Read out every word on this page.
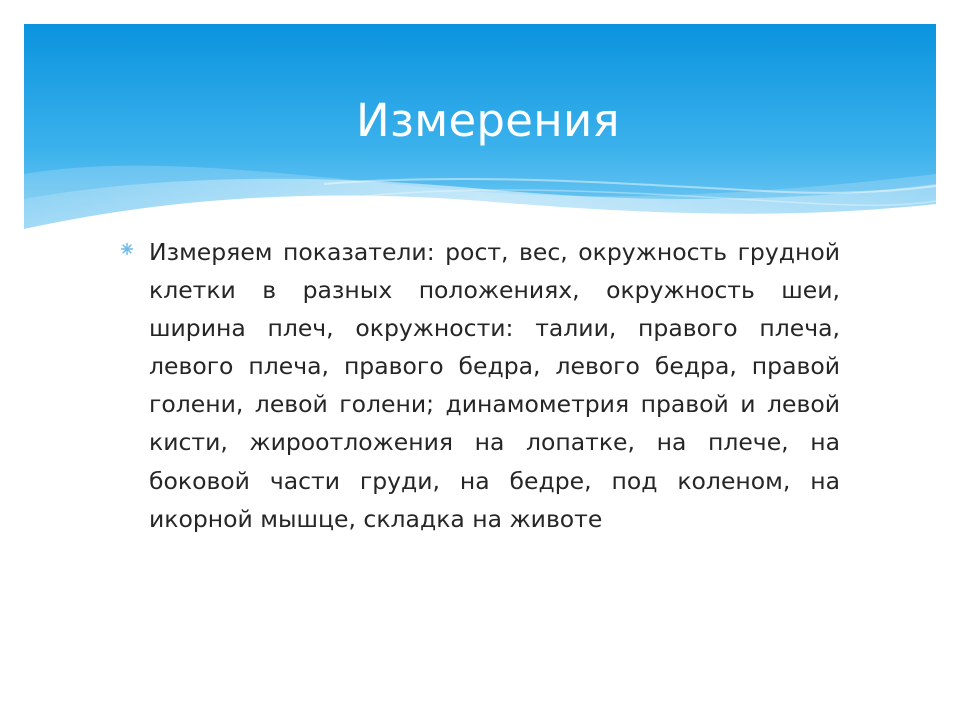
Измерения

Измеряем показатели: рост, вес, окружность грудной клетки в разных положениях, окружность шеи, ширина плеч, окружности: талии, правого плеча, левого плеча, правого бедра, левого бедра, правой голени, левой голени; динамометрия правой и левой кисти, жироотложения на лопатке, на плече, на боковой части груди, на бедре, под коленом, на икорной мышце, складка на животе
